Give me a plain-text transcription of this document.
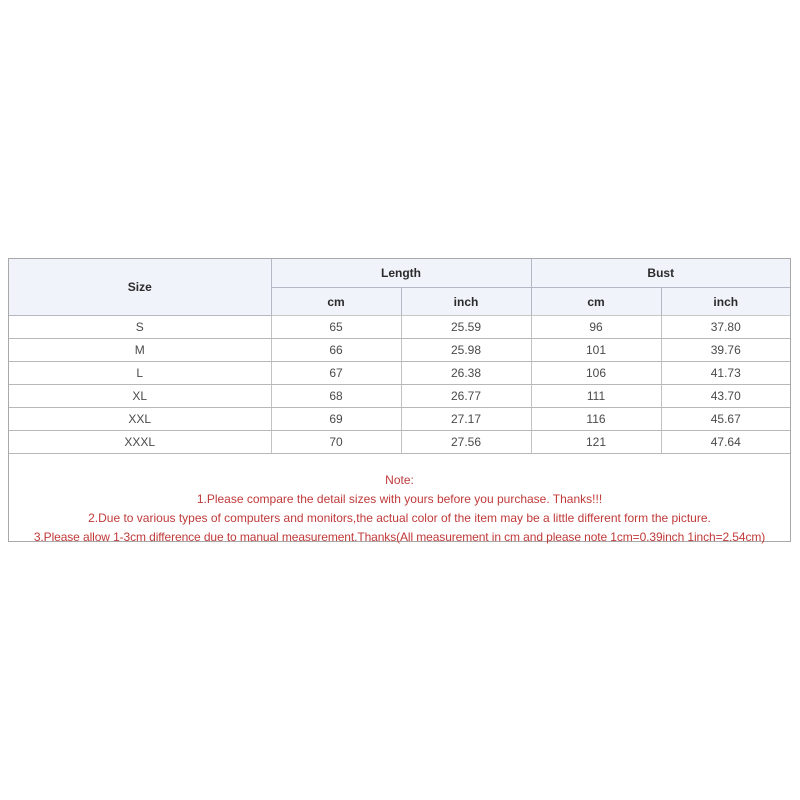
Size	Length		Bust	
	cm	inch	cm	inch
S	65	25.59	96	37.80
M	66	25.98	101	39.76
L	67	26.38	106	41.73
XL	68	26.77	111	43.70
XXL	69	27.17	116	45.67
XXXL	70	27.56	121	47.64
Note:
1.Please compare the detail sizes with yours before you purchase. Thanks!!!
2.Due to various types of computers and monitors,the actual color of the item may be a little different form the picture.
3.Please allow 1-3cm difference due to manual measurement.Thanks(All measurement in cm and please note 1cm=0.39inch 1inch=2.54cm)
